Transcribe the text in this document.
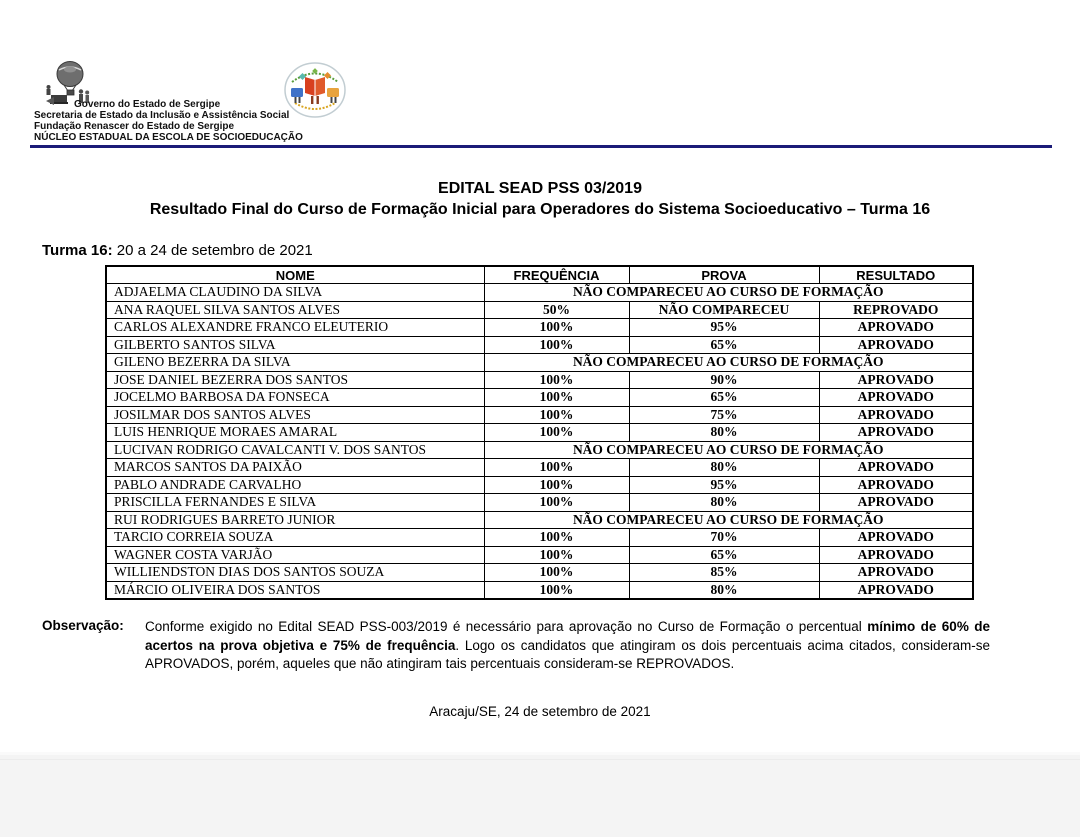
Governo do Estado de Sergipe
Secretaria de Estado da Inclusão e Assistência Social
Fundação Renascer do Estado de Sergipe
NÚCLEO ESTADUAL DA ESCOLA DE SOCIOEDUCAÇÃO
EDITAL SEAD PSS 03/2019
Resultado Final do Curso de Formação Inicial para Operadores do Sistema Socioeducativo – Turma 16
Turma 16: 20 a 24 de setembro de 2021
NOME	FREQUÊNCIA	PROVA	RESULTADO
ADJAELMA CLAUDINO DA SILVA	NÃO COMPARECEU AO CURSO DE FORMAÇÃO		
ANA RAQUEL SILVA SANTOS ALVES	50%	NÃO COMPARECEU	REPROVADO
CARLOS ALEXANDRE FRANCO ELEUTERIO	100%	95%	APROVADO
GILBERTO SANTOS SILVA	100%	65%	APROVADO
GILENO BEZERRA DA SILVA	NÃO COMPARECEU AO CURSO DE FORMAÇÃO		
JOSE DANIEL BEZERRA DOS SANTOS	100%	90%	APROVADO
JOCELMO BARBOSA DA FONSECA	100%	65%	APROVADO
JOSILMAR DOS SANTOS ALVES	100%	75%	APROVADO
LUIS HENRIQUE MORAES AMARAL	100%	80%	APROVADO
LUCIVAN RODRIGO CAVALCANTI V. DOS SANTOS	NÃO COMPARECEU AO CURSO DE FORMAÇÃO		
MARCOS SANTOS DA PAIXÃO	100%	80%	APROVADO
PABLO ANDRADE CARVALHO	100%	95%	APROVADO
PRISCILLA FERNANDES E SILVA	100%	80%	APROVADO
RUI RODRIGUES BARRETO JUNIOR	NÃO COMPARECEU AO CURSO DE FORMAÇÃO		
TARCIO CORREIA SOUZA	100%	70%	APROVADO
WAGNER COSTA VARJÃO	100%	65%	APROVADO
WILLIENDSTON DIAS DOS SANTOS SOUZA	100%	85%	APROVADO
MÁRCIO OLIVEIRA DOS SANTOS	100%	80%	APROVADO
Observação: Conforme exigido no Edital SEAD PSS-003/2019 é necessário para aprovação no Curso de Formação o percentual mínimo de 60% de acertos na prova objetiva e 75% de frequência. Logo os candidatos que atingiram os dois percentuais acima citados, consideram-se APROVADOS, porém, aqueles que não atingiram tais percentuais consideram-se REPROVADOS.
Aracaju/SE, 24 de setembro de 2021
